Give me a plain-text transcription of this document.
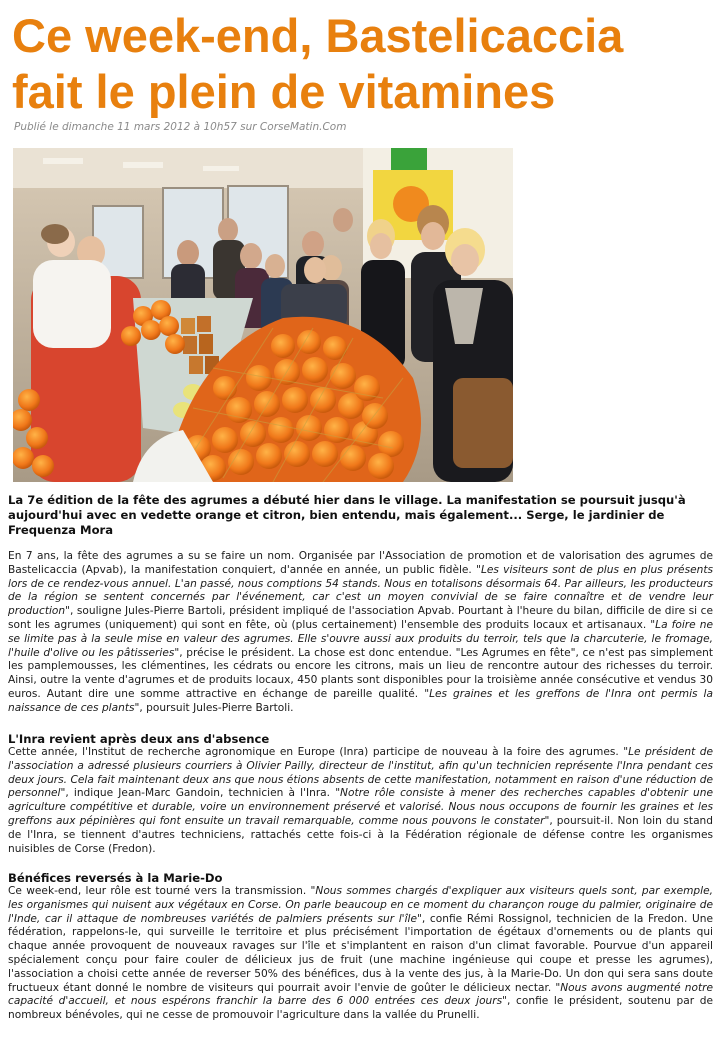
Ce week-end, Bastelicaccia
fait le plein de vitamines

Publié le dimanche 11 mars 2012 à 10h57 sur CorseMatin.Com

La 7e édition de la fête des agrumes a débuté hier dans le village. La manifestation se poursuit jusqu'à aujourd'hui avec en vedette orange et citron, bien entendu, mais également... Serge, le jardinier de Frequenza Mora

En 7 ans, la fête des agrumes a su se faire un nom. Organisée par l'Association de promotion et de valorisation des agrumes de Bastelicaccia (Apvab), la manifestation conquiert, d'année en année, un public fidèle. "Les visiteurs sont de plus en plus présents lors de ce rendez-vous annuel. L'an passé, nous comptions 54 stands. Nous en totalisons désormais 64. Par ailleurs, les producteurs de la région se sentent concernés par l'événement, car c'est un moyen convivial de se faire connaître et de vendre leur production", souligne Jules-Pierre Bartoli, président impliqué de l'association Apvab. Pourtant à l'heure du bilan, difficile de dire si ce sont les agrumes (uniquement) qui sont en fête, où (plus certainement) l'ensemble des produits locaux et artisanaux. "La foire ne se limite pas à la seule mise en valeur des agrumes. Elle s'ouvre aussi aux produits du terroir, tels que la charcuterie, le fromage, l'huile d'olive ou les pâtisseries", précise le président. La chose est donc entendue. "Les Agrumes en fête", ce n'est pas simplement les pamplemousses, les clémentines, les cédrats ou encore les citrons, mais un lieu de rencontre autour des richesses du terroir. Ainsi, outre la vente d'agrumes et de produits locaux, 450 plants sont disponibles pour la troisième année consécutive et vendus 30 euros. Autant dire une somme attractive en échange de pareille qualité. "Les graines et les greffons de l'Inra ont permis la naissance de ces plants", poursuit Jules-Pierre Bartoli.

L'Inra revient après deux ans d'absence

Cette année, l'Institut de recherche agronomique en Europe (Inra) participe de nouveau à la foire des agrumes. "Le président de l'association a adressé plusieurs courriers à Olivier Pailly, directeur de l'institut, afin qu'un technicien représente l'Inra pendant ces deux jours. Cela fait maintenant deux ans que nous étions absents de cette manifestation, notamment en raison d'une réduction de personnel", indique Jean-Marc Gandoin, technicien à l'Inra. "Notre rôle consiste à mener des recherches capables d'obtenir une agriculture compétitive et durable, voire un environnement préservé et valorisé. Nous nous occupons de fournir les graines et les greffons aux pépinières qui font ensuite un travail remarquable, comme nous pouvons le constater", poursuit-il. Non loin du stand de l'Inra, se tiennent d'autres techniciens, rattachés cette fois-ci à la Fédération régionale de défense contre les organismes nuisibles de Corse (Fredon).

Bénéfices reversés à la Marie-Do

Ce week-end, leur rôle est tourné vers la transmission. "Nous sommes chargés d'expliquer aux visiteurs quels sont, par exemple, les organismes qui nuisent aux végétaux en Corse. On parle beaucoup en ce moment du charançon rouge du palmier, originaire de l'Inde, car il attaque de nombreuses variétés de palmiers présents sur l'île", confie Rémi Rossignol, technicien de la Fredon. Une fédération, rappelons-le, qui surveille le territoire et plus précisément l'importation de égétaux d'ornements ou de plants qui chaque année provoquent de nouveaux ravages sur l'île et s'implantent en raison d'un climat favorable. Pourvue d'un appareil spécialement conçu pour faire couler de délicieux jus de fruit (une machine ingénieuse qui coupe et presse les agrumes), l'association a choisi cette année de reverser 50% des bénéfices, dus à la vente des jus, à la Marie-Do. Un don qui sera sans doute fructueux étant donné le nombre de visiteurs qui pourrait avoir l'envie de goûter le délicieux nectar. "Nous avons augmenté notre capacité d'accueil, et nous espérons franchir la barre des 6 000 entrées ces deux jours", confie le président, soutenu par de nombreux bénévoles, qui ne cesse de promouvoir l'agriculture dans la vallée du Prunelli.
